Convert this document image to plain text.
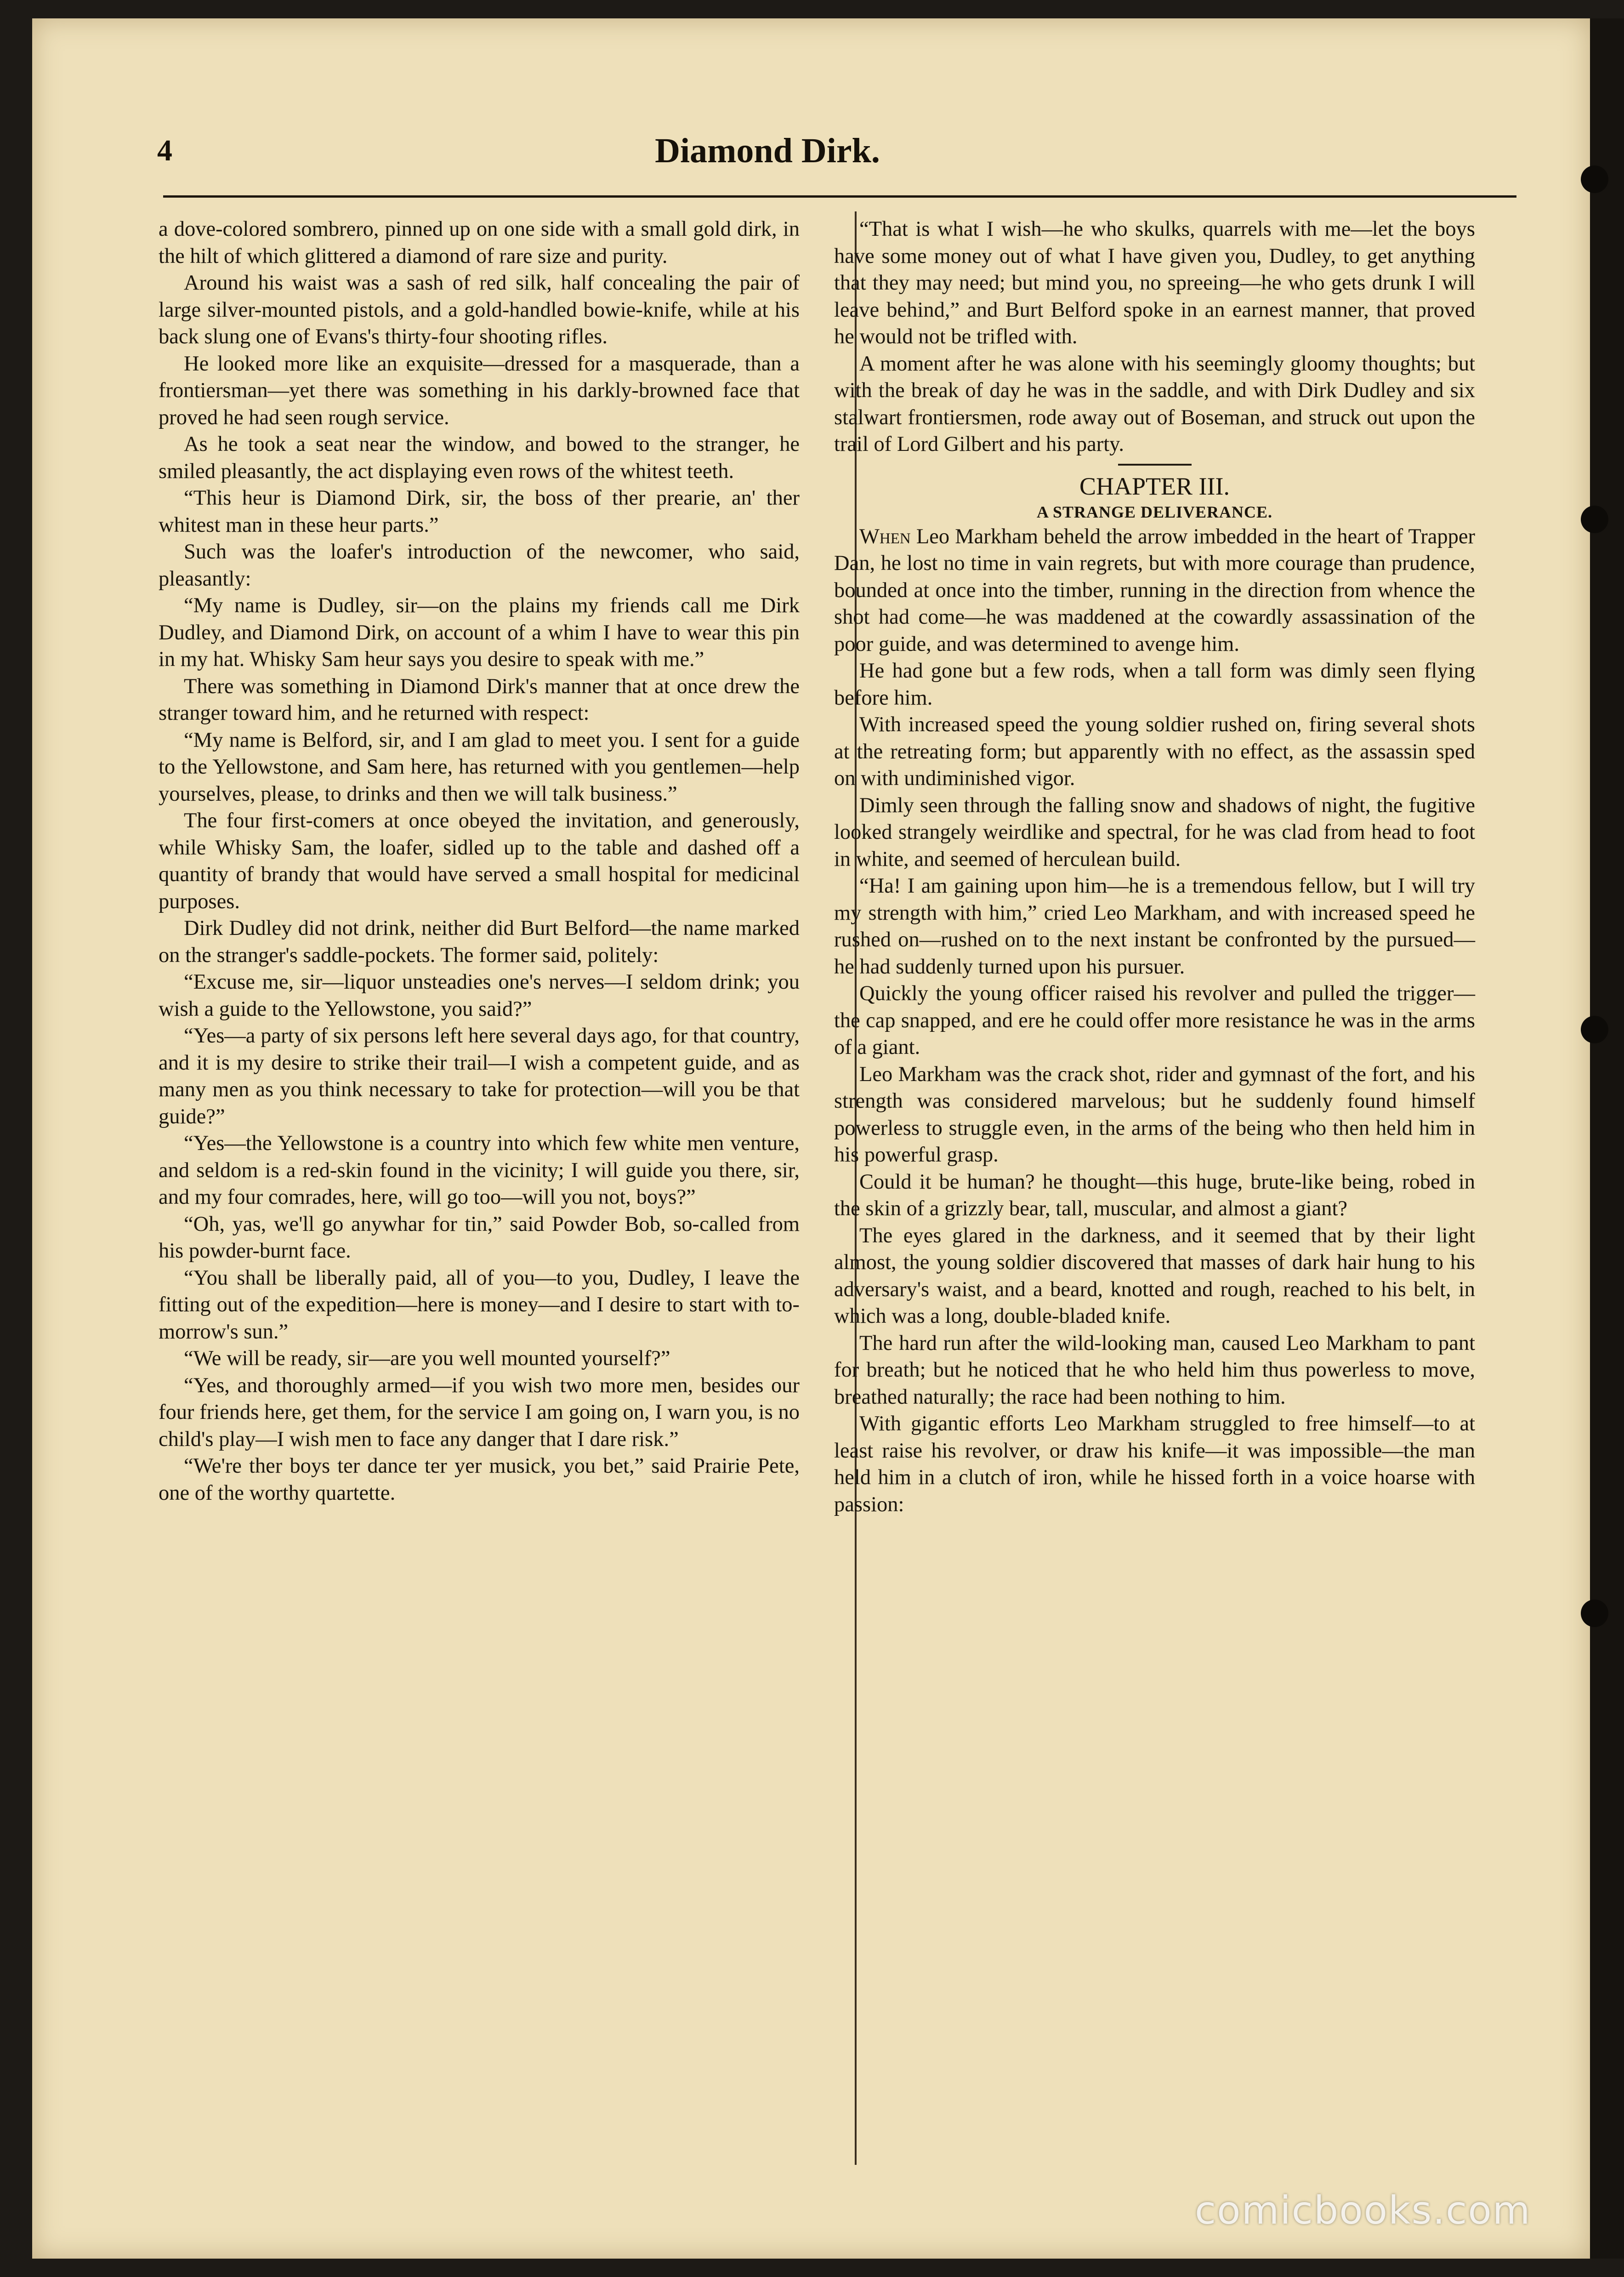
4	Diamond Dirk.

a dove-colored sombrero, pinned up on one side with a small gold dirk, in the hilt of which glittered a diamond of rare size and purity.

Around his waist was a sash of red silk, half concealing the pair of large silver-mounted pistols, and a gold-handled bowie-knife, while at his back slung one of Evans's thirty-four shooting rifles.

He looked more like an exquisite—dressed for a masquerade, than a frontiersman—yet there was something in his darkly-browned face that proved he had seen rough service.

As he took a seat near the window, and bowed to the stranger, he smiled pleasantly, the act displaying even rows of the whitest teeth.

“This heur is Diamond Dirk, sir, the boss of ther prearie, an' ther whitest man in these heur parts.”

Such was the loafer's introduction of the newcomer, who said, pleasantly:

“My name is Dudley, sir—on the plains my friends call me Dirk Dudley, and Diamond Dirk, on account of a whim I have to wear this pin in my hat. Whisky Sam heur says you desire to speak with me.”

There was something in Diamond Dirk's manner that at once drew the stranger toward him, and he returned with respect:

“My name is Belford, sir, and I am glad to meet you. I sent for a guide to the Yellowstone, and Sam here, has returned with you gentlemen—help yourselves, please, to drinks and then we will talk business.”

The four first-comers at once obeyed the invitation, and generously, while Whisky Sam, the loafer, sidled up to the table and dashed off a quantity of brandy that would have served a small hospital for medicinal purposes.

Dirk Dudley did not drink, neither did Burt Belford—the name marked on the stranger's saddle-pockets. The former said, politely:

“Excuse me, sir—liquor unsteadies one's nerves—I seldom drink; you wish a guide to the Yellowstone, you said?”

“Yes—a party of six persons left here several days ago, for that country, and it is my desire to strike their trail—I wish a competent guide, and as many men as you think necessary to take for protection—will you be that guide?”

“Yes—the Yellowstone is a country into which few white men venture, and seldom is a red-skin found in the vicinity; I will guide you there, sir, and my four comrades, here, will go too—will you not, boys?”

“Oh, yas, we'll go anywhar for tin,” said Powder Bob, so-called from his powder-burnt face.

“You shall be liberally paid, all of you—to you, Dudley, I leave the fitting out of the expedition—here is money—and I desire to start with to-morrow's sun.”

“We will be ready, sir—are you well mounted yourself?”

“Yes, and thoroughly armed—if you wish two more men, besides our four friends here, get them, for the service I am going on, I warn you, is no child's play—I wish men to face any danger that I dare risk.”

“We're ther boys ter dance ter yer musick, you bet,” said Prairie Pete, one of the worthy quartette.

“That is what I wish—he who skulks, quarrels with me—let the boys have some money out of what I have given you, Dudley, to get anything that they may need; but mind you, no spreeing—he who gets drunk I will leave behind,” and Burt Belford spoke in an earnest manner, that proved he would not be trifled with.

A moment after he was alone with his seemingly gloomy thoughts; but with the break of day he was in the saddle, and with Dirk Dudley and six stalwart frontiersmen, rode away out of Boseman, and struck out upon the trail of Lord Gilbert and his party.

CHAPTER III.

A STRANGE DELIVERANCE.

When Leo Markham beheld the arrow imbedded in the heart of Trapper Dan, he lost no time in vain regrets, but with more courage than prudence, bounded at once into the timber, running in the direction from whence the shot had come—he was maddened at the cowardly assassination of the poor guide, and was determined to avenge him.

He had gone but a few rods, when a tall form was dimly seen flying before him.

With increased speed the young soldier rushed on, firing several shots at the retreating form; but apparently with no effect, as the assassin sped on with undiminished vigor.

Dimly seen through the falling snow and shadows of night, the fugitive looked strangely weirdlike and spectral, for he was clad from head to foot in white, and seemed of herculean build.

“Ha! I am gaining upon him—he is a tremendous fellow, but I will try my strength with him,” cried Leo Markham, and with increased speed he rushed on—rushed on to the next instant be confronted by the pursued—he had suddenly turned upon his pursuer.

Quickly the young officer raised his revolver and pulled the trigger—the cap snapped, and ere he could offer more resistance he was in the arms of a giant.

Leo Markham was the crack shot, rider and gymnast of the fort, and his strength was considered marvelous; but he suddenly found himself powerless to struggle even, in the arms of the being who then held him in his powerful grasp.

Could it be human? he thought—this huge, brute-like being, robed in the skin of a grizzly bear, tall, muscular, and almost a giant?

The eyes glared in the darkness, and it seemed that by their light almost, the young soldier discovered that masses of dark hair hung to his adversary's waist, and a beard, knotted and rough, reached to his belt, in which was a long, double-bladed knife.

The hard run after the wild-looking man, caused Leo Markham to pant for breath; but he noticed that he who held him thus powerless to move, breathed naturally; the race had been nothing to him.

With gigantic efforts Leo Markham struggled to free himself—to at least raise his revolver, or draw his knife—it was impossible—the man held him in a clutch of iron, while he hissed forth in a voice hoarse with passion:

comicbooks.com
